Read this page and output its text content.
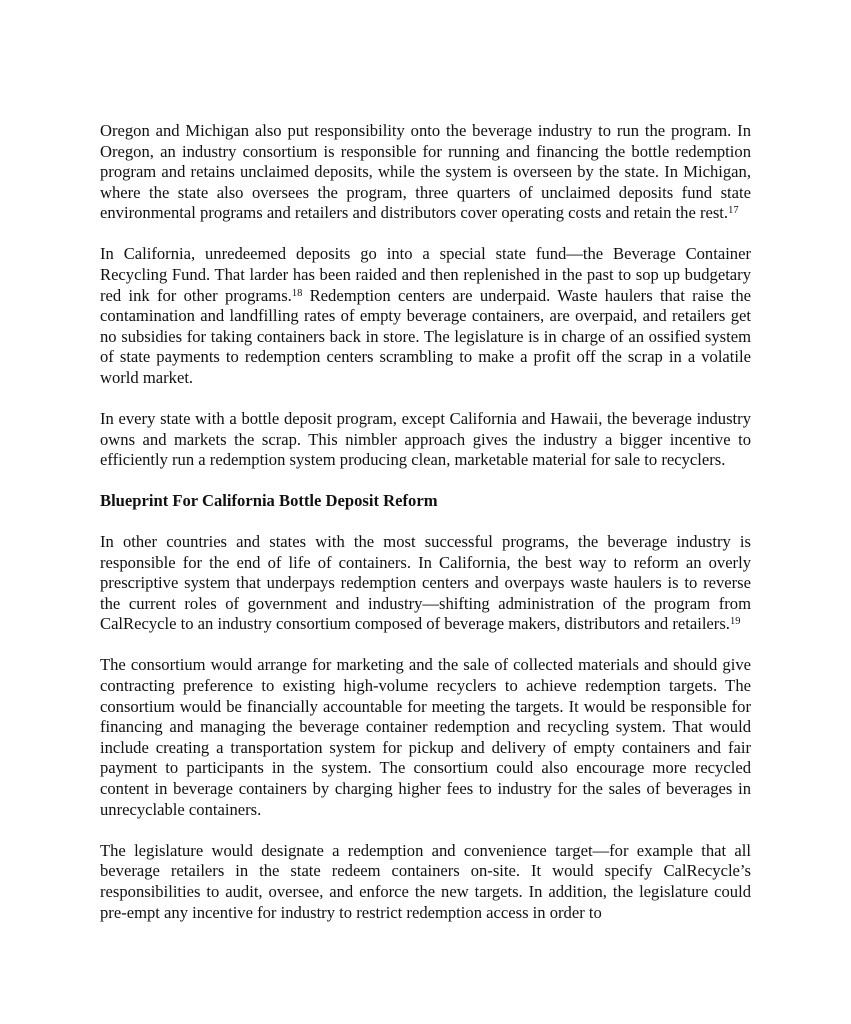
Oregon and Michigan also put responsibility onto the beverage industry to run the program. In Oregon, an industry consortium is responsible for running and financing the bottle redemption program and retains unclaimed deposits, while the system is overseen by the state. In Michigan, where the state also oversees the program, three quarters of unclaimed deposits fund state environmental programs and retailers and distributors cover operating costs and retain the rest.$^{17}$

In California, unredeemed deposits go into a special state fund—the Beverage Container Recycling Fund. That larder has been raided and then replenished in the past to sop up budgetary red ink for other programs.$^{18}$ Redemption centers are underpaid. Waste haulers that raise the contamination and landfilling rates of empty beverage containers, are overpaid, and retailers get no subsidies for taking containers back in store. The legislature is in charge of an ossified system of state payments to redemption centers scrambling to make a profit off the scrap in a volatile world market.

In every state with a bottle deposit program, except California and Hawaii, the beverage industry owns and markets the scrap. This nimbler approach gives the industry a bigger incentive to efficiently run a redemption system producing clean, marketable material for sale to recyclers.

Blueprint For California Bottle Deposit Reform

In other countries and states with the most successful programs, the beverage industry is responsible for the end of life of containers. In California, the best way to reform an overly prescriptive system that underpays redemption centers and overpays waste haulers is to reverse the current roles of government and industry—shifting administration of the program from CalRecycle to an industry consortium composed of beverage makers, distributors and retailers.$^{19}$

The consortium would arrange for marketing and the sale of collected materials and should give contracting preference to existing high-volume recyclers to achieve redemption targets. The consortium would be financially accountable for meeting the targets. It would be responsible for financing and managing the beverage container redemption and recycling system. That would include creating a transportation system for pickup and delivery of empty containers and fair payment to participants in the system. The consortium could also encourage more recycled content in beverage containers by charging higher fees to industry for the sales of beverages in unrecyclable containers.

The legislature would designate a redemption and convenience target—for example that all beverage retailers in the state redeem containers on-site. It would specify CalRecycle’s responsibilities to audit, oversee, and enforce the new targets. In addition, the legislature could pre-empt any incentive for industry to restrict redemption access in order to
